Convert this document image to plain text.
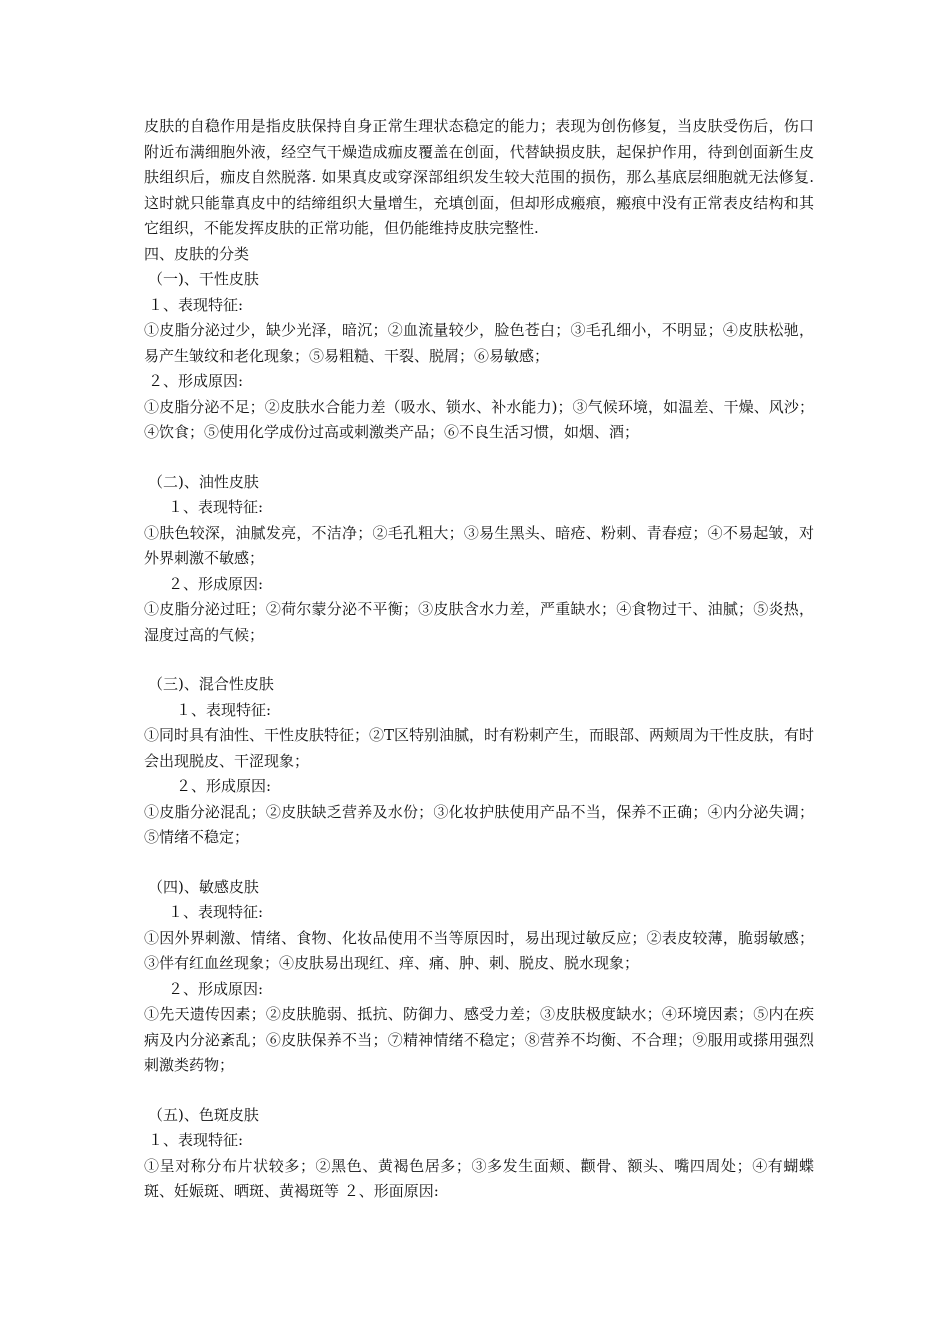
皮肤的自稳作用是指皮肤保持自身正常生理状态稳定的能力；表现为创伤修复，当皮肤受伤后，伤口附近布满细胞外液，经空气干燥造成痂皮覆盖在创面，代替缺损皮肤，起保护作用，待到创面新生皮肤组织后，痂皮自然脱落. 如果真皮或穿深部组织发生较大范围的损伤，那么基底层细胞就无法修复. 这时就只能靠真皮中的结缔组织大量增生，充填创面，但却形成瘢痕，瘢痕中没有正常表皮结构和其它组织，不能发挥皮肤的正常功能，但仍能维持皮肤完整性.

四、皮肤的分类

（一)、干性皮肤

１、表现特征:

①皮脂分泌过少，缺少光泽，暗沉；②血流量较少，脸色苍白；③毛孔细小，不明显；④皮肤松驰，易产生皱纹和老化现象；⑤易粗糙、干裂、脱屑；⑥易敏感；

２、形成原因:

①皮脂分泌不足；②皮肤水合能力差（吸水、锁水、补水能力)；③气候环境，如温差、干燥、风沙；④饮食；⑤使用化学成份过高或刺激类产品；⑥不良生活习惯，如烟、酒；

（二)、油性皮肤

１、表现特征:

①肤色较深，油腻发亮，不洁净；②毛孔粗大；③易生黑头、暗疮、粉刺、青春痘；④不易起皱，对外界刺激不敏感；

２、形成原因:

①皮脂分泌过旺；②荷尔蒙分泌不平衡；③皮肤含水力差，严重缺水；④食物过干、油腻；⑤炎热，湿度过高的气候；

（三)、混合性皮肤

１、表现特征:

①同时具有油性、干性皮肤特征；②T区特别油腻，时有粉刺产生，而眼部、两颊周为干性皮肤，有时会出现脱皮、干涩现象；

２、形成原因:

①皮脂分泌混乱；②皮肤缺乏营养及水份；③化妆护肤使用产品不当，保养不正确；④内分泌失调；⑤情绪不稳定；

（四)、敏感皮肤

１、表现特征:

①因外界刺激、情绪、食物、化妆品使用不当等原因时，易出现过敏反应；②表皮较薄，脆弱敏感；③伴有红血丝现象；④皮肤易出现红、痒、痛、肿、刺、脱皮、脱水现象；

２、形成原因:

①先天遗传因素；②皮肤脆弱、抵抗、防御力、感受力差；③皮肤极度缺水；④环境因素；⑤内在疾病及内分泌紊乱；⑥皮肤保养不当；⑦精神情绪不稳定；⑧营养不均衡、不合理；⑨服用或搽用强烈刺激类药物；

（五)、色斑皮肤

１、表现特征:

①呈对称分布片状较多；②黑色、黄褐色居多；③多发生面颊、颧骨、额头、嘴四周处；④有蝴蝶斑、妊娠斑、晒斑、黄褐斑等 ２、形面原因:
